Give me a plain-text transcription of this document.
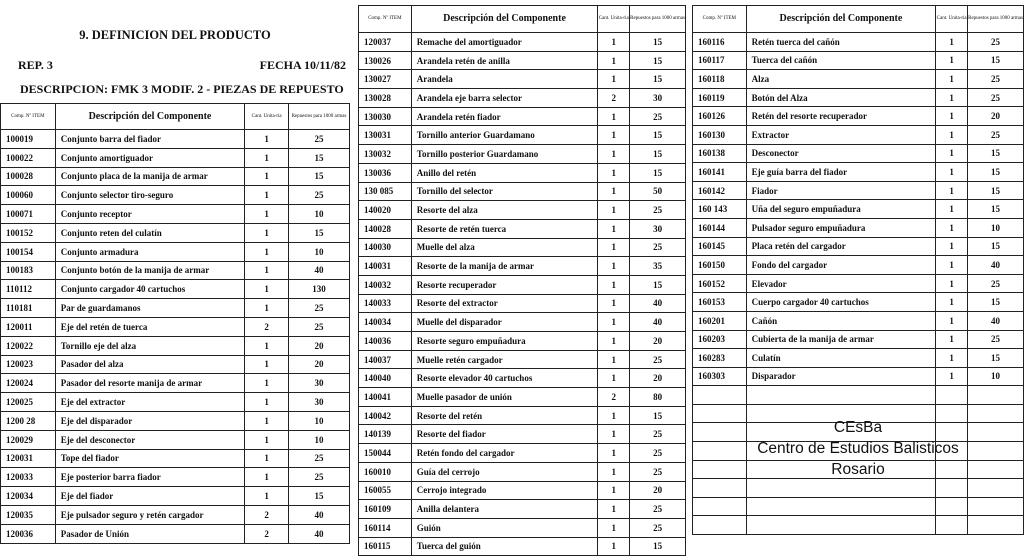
9. DEFINICION DEL PRODUCTO
REP. 3	FECHA 10/11/82
DESCRIPCION: FMK 3 MODIF. 2 - PIEZAS DE REPUESTO
Comp. Nº ITEM	Descripción del Componente	Cant. Unita-ria	Repuestos para 1000 armas

100019	Conjunto barra del fiador	1	25
100022	Conjunto amortiguador	1	15
100028	Conjunto placa de la manija de armar	1	15
100060	Conjunto selector tiro-seguro	1	25
100071	Conjunto receptor	1	10
100152	Conjunto reten del culatín	1	15
100154	Conjunto armadura	1	10
100183	Conjunto botón de la manija de armar	1	40
110112	Conjunto cargador 40 cartuchos	1	130
110181	Par de guardamanos	1	25
120011	Eje del retén de tuerca	2	25
120022	Tornillo eje del alza	1	20
120023	Pasador del alza	1	20
120024	Pasador del resorte manija de armar	1	30
120025	Eje del extractor	1	30
1200 28	Eje del disparador	1	10
120029	Eje del desconector	1	10
120031	Tope del fiador	1	25
120033	Eje posterior barra fiador	1	25
120034	Eje del fiador	1	15
120035	Eje pulsador seguro y retén cargador	2	40
120036	Pasador de Unión	2	40
Comp. Nº ITEM	Descripción del Componente	Cant. Unita-ria	Repuestos para 1000 armas

120037	Remache del amortiguador	1	15
130026	Arandela retén de anilla	1	15
130027	Arandela	1	15
130028	Arandela eje barra selector	2	30
130030	Arandela retén fiador	1	25
130031	Tornillo anterior Guardamano	1	15
130032	Tornillo posterior Guardamano	1	15
130036	Anillo del retén	1	15
130 085	Tornillo del selector	1	50
140020	Resorte del alza	1	25
140028	Resorte de retén tuerca	1	30
140030	Muelle del alza	1	25
140031	Resorte de la manija de armar	1	35
140032	Resorte recuperador	1	15
140033	Resorte del extractor	1	40
140034	Muelle del disparador	1	40
140036	Resorte seguro empuñadura	1	20
140037	Muelle retén cargador	1	25
140040	Resorte elevador 40 cartuchos	1	20
140041	Muelle pasador de unión	2	80
140042	Resorte del retén	1	15
140139	Resorte del fiador	1	25
150044	Retén fondo del cargador	1	25
160010	Guía del cerrojo	1	25
160055	Cerrojo integrado	1	20
160109	Anilla delantera	1	25
160114	Guión	1	25
160115	Tuerca del guión	1	15
Comp. Nº ITEM	Descripción del Componente	Cant. Unita-ria	Repuestos para 1000 armas

160116	Retén tuerca del cañón	1	25
160117	Tuerca del cañón	1	15
160118	Alza	1	25
160119	Botón del Alza	1	25
160126	Retén del resorte recuperador	1	20
160130	Extractor	1	25
160138	Desconector	1	15
160141	Eje guía barra del fiador	1	15
160142	Fiador	1	15
160 143	Uña del seguro empuñadura	1	15
160144	Pulsador seguro empuñadura	1	10
160145	Placa retén del cargador	1	15
160150	Fondo del cargador	1	40
160152	Elevador	1	25
160153	Cuerpo cargador 40 cartuchos	1	15
160201	Cañón	1	40
160203	Cubierta de la manija de armar	1	25
160283	Culatín	1	15
160303	Disparador	1	10

CEsBa
Centro de Estudios Balisticos
Rosario
